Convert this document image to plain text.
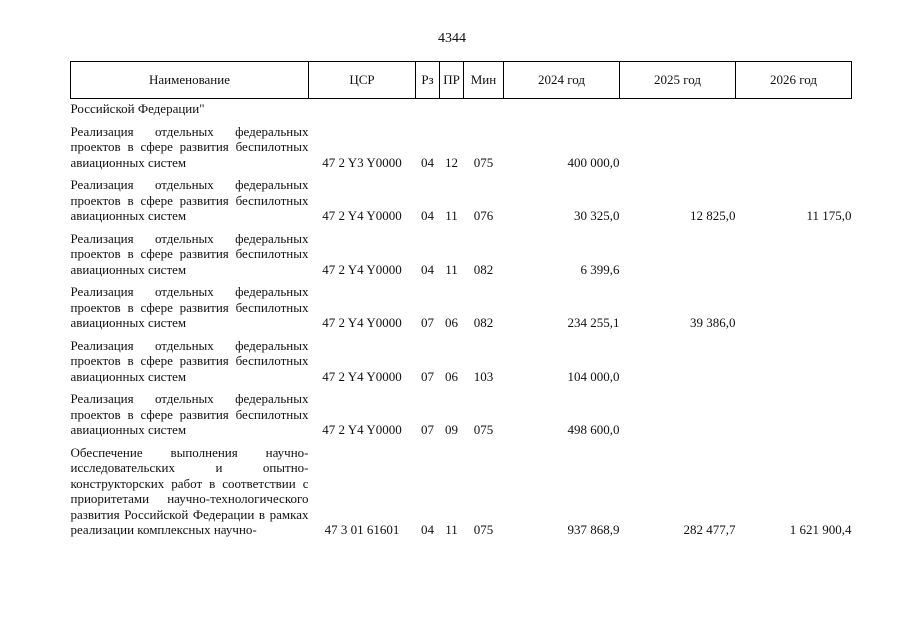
4344
Наименование	ЦСР	Рз	ПР	Мин	2024 год	2025 год	2026 год
Российской Федерации"							
Реализация отдельных федеральных проектов в сфере развития беспилотных авиационных систем	47 2 Y3 Y0000	04	12	075	400 000,0		
Реализация отдельных федеральных проектов в сфере развития беспилотных авиационных систем	47 2 Y4 Y0000	04	11	076	30 325,0	12 825,0	11 175,0
Реализация отдельных федеральных проектов в сфере развития беспилотных авиационных систем	47 2 Y4 Y0000	04	11	082	6 399,6		
Реализация отдельных федеральных проектов в сфере развития беспилотных авиационных систем	47 2 Y4 Y0000	07	06	082	234 255,1	39 386,0	
Реализация отдельных федеральных проектов в сфере развития беспилотных авиационных систем	47 2 Y4 Y0000	07	06	103	104 000,0		
Реализация отдельных федеральных проектов в сфере развития беспилотных авиационных систем	47 2 Y4 Y0000	07	09	075	498 600,0		
Обеспечение выполнения научно-исследовательских и опытно-конструкторских работ в соответствии с приоритетами научно-технологического развития Российской Федерации в рамках реализации комплексных научно-	47 3 01 61601	04	11	075	937 868,9	282 477,7	1 621 900,4
